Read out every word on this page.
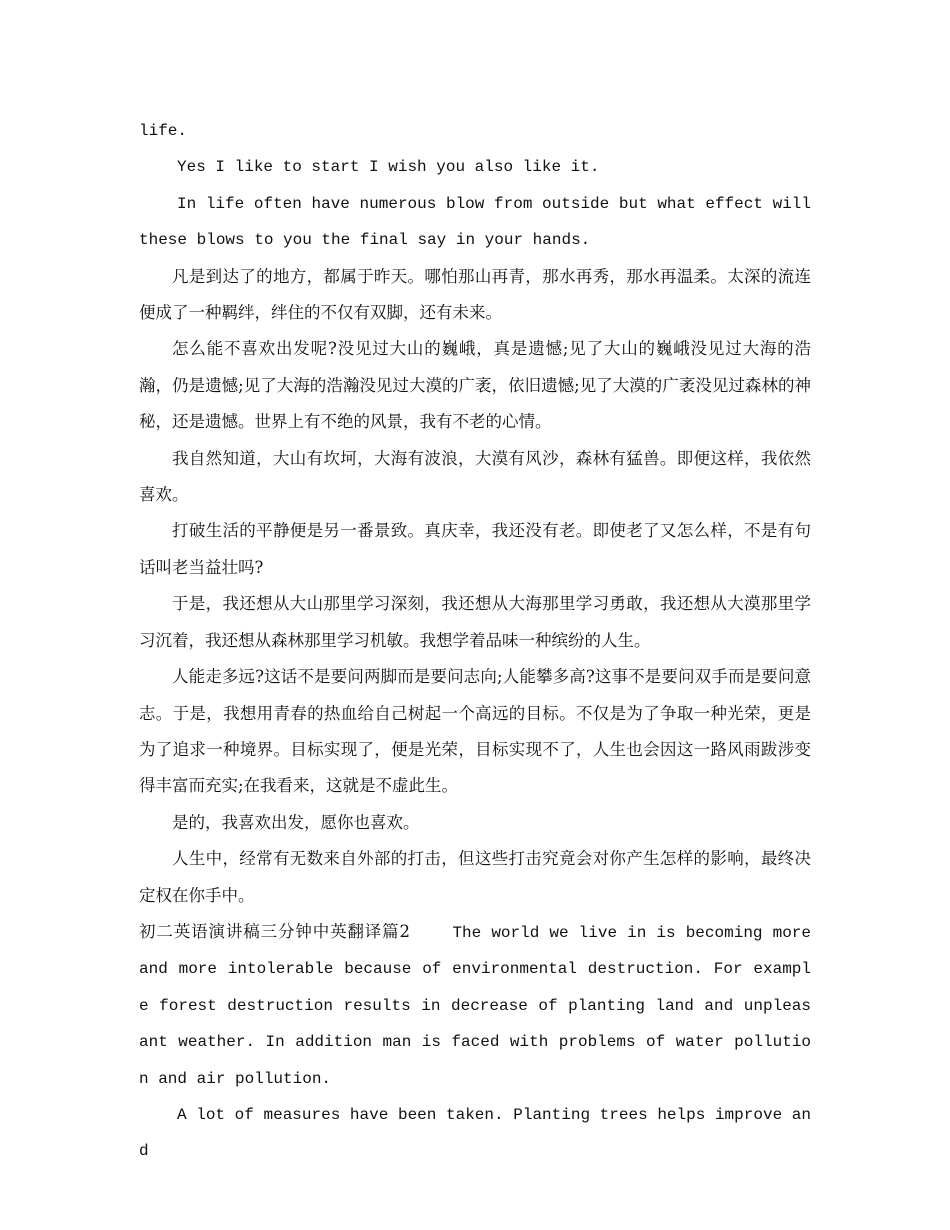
life.

Yes I like to start I wish you also like it.

In life often have numerous blow from outside but what effect will these blows to you the final say in your hands.

凡是到达了的地方，都属于昨天。哪怕那山再青，那水再秀，那水再温柔。太深的流连便成了一种羁绊，绊住的不仅有双脚，还有未来。

怎么能不喜欢出发呢?没见过大山的巍峨，真是遗憾;见了大山的巍峨没见过大海的浩瀚，仍是遗憾;见了大海的浩瀚没见过大漠的广袤，依旧遗憾;见了大漠的广袤没见过森林的神秘，还是遗憾。世界上有不绝的风景，我有不老的心情。

我自然知道，大山有坎坷，大海有波浪，大漠有风沙，森林有猛兽。即便这样，我依然喜欢。

打破生活的平静便是另一番景致。真庆幸，我还没有老。即使老了又怎么样，不是有句话叫老当益壮吗?

于是，我还想从大山那里学习深刻，我还想从大海那里学习勇敢，我还想从大漠那里学习沉着，我还想从森林那里学习机敏。我想学着品味一种缤纷的人生。

人能走多远?这话不是要问两脚而是要问志向;人能攀多高?这事不是要问双手而是要问意志。于是，我想用青春的热血给自己树起一个高远的目标。不仅是为了争取一种光荣，更是为了追求一种境界。目标实现了，便是光荣，目标实现不了，人生也会因这一路风雨跋涉变得丰富而充实;在我看来，这就是不虚此生。

是的，我喜欢出发，愿你也喜欢。

人生中，经常有无数来自外部的打击，但这些打击究竟会对你产生怎样的影响，最终决定权在你手中。

初二英语演讲稿三分钟中英翻译篇2	The world we live in is becoming more and more intolerable because of environmental destruction. For example forest destruction results in decrease of planting land and unpleasant weather. In addition man is faced with problems of water pollution and air pollution.

A lot of measures have been taken. Planting trees helps improve and
